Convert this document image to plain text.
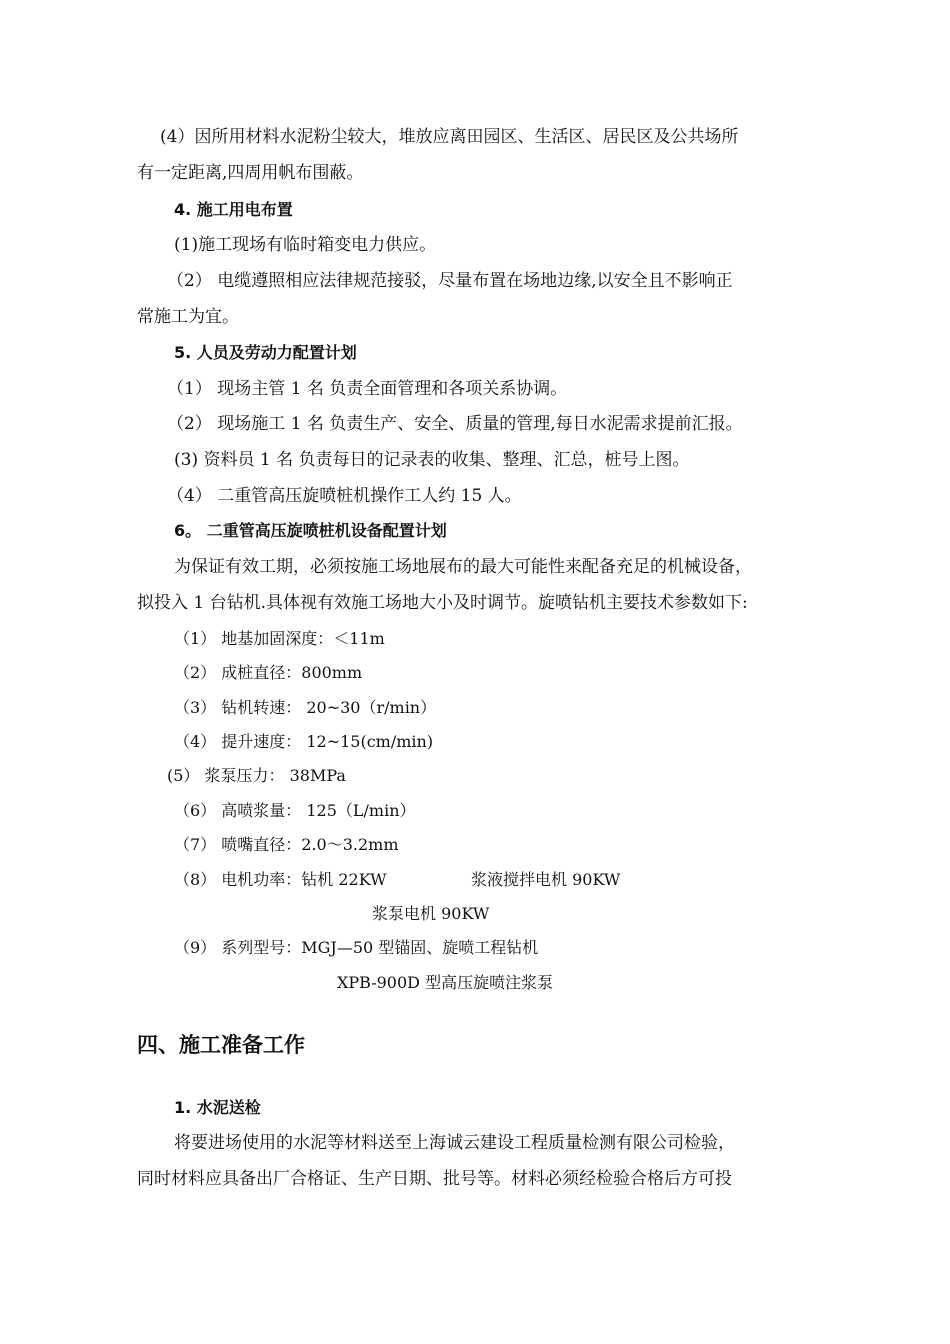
(4）因所用材料水泥粉尘较大，堆放应离田园区、生活区、居民区及公共场所

有一定距离,四周用帆布围蔽。

4. 施工用电布置

(1)施工现场有临时箱变电力供应。

（2） 电缆遵照相应法律规范接驳，尽量布置在场地边缘,以安全且不影响正

常施工为宜。

5. 人员及劳动力配置计划

（1） 现场主管 1 名 负责全面管理和各项关系协调。

（2） 现场施工 1 名 负责生产、安全、质量的管理,每日水泥需求提前汇报。

(3) 资料员 1 名 负责每日的记录表的收集、整理、汇总，桩号上图。

（4） 二重管高压旋喷桩机操作工人约 15 人。

6。 二重管高压旋喷桩机设备配置计划

为保证有效工期，必须按施工场地展布的最大可能性来配备充足的机械设备，

拟投入 1 台钻机.具体视有效施工场地大小及时调节。旋喷钻机主要技术参数如下:

（1） 地基加固深度：＜11m

（2） 成桩直径：800mm

（3） 钻机转速： 20~30（r/min）

（4） 提升速度： 12~15(cm/min)

(5） 浆泵压力： 38MPa

（6） 高喷浆量： 125（L/min）

（7） 喷嘴直径：2.0～3.2mm

（8） 电机功率：钻机 22KW	浆液搅拌电机 90KW

浆泵电机 90KW

（9） 系列型号：MGJ—50 型锚固、旋喷工程钻机

XPB-900D 型高压旋喷注浆泵

四、施工准备工作

1. 水泥送检

将要进场使用的水泥等材料送至上海诚云建设工程质量检测有限公司检验，

同时材料应具备出厂合格证、生产日期、批号等。材料必须经检验合格后方可投
